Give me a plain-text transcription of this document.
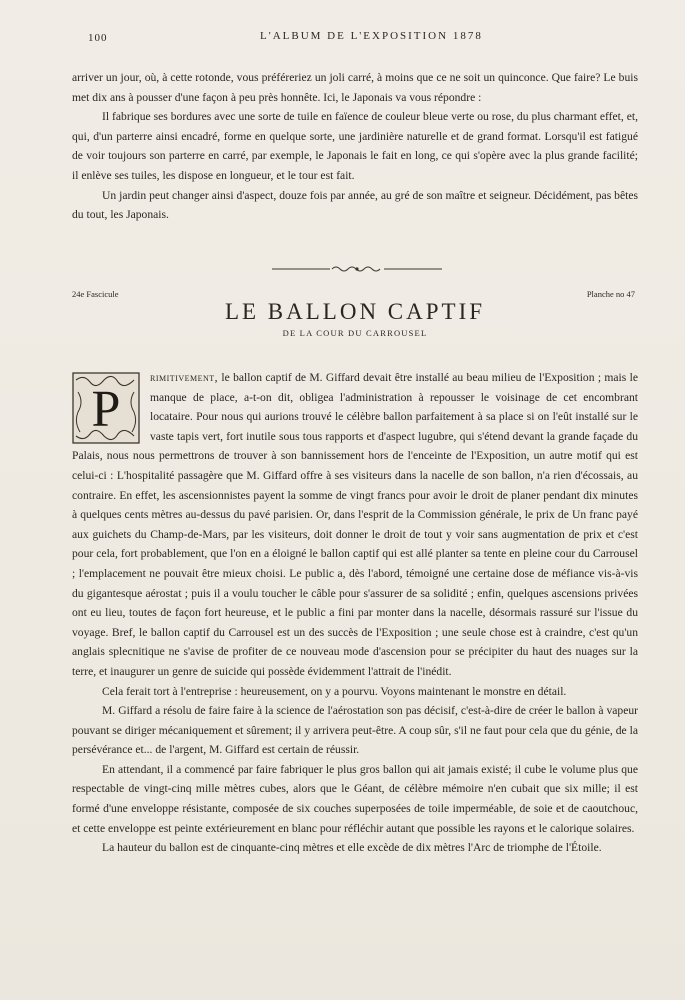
100	L'ALBUM DE L'EXPOSITION 1878

arriver un jour, où, à cette rotonde, vous préféreriez un joli carré, à moins que ce ne soit un quinconce. Que faire? Le buis met dix ans à pousser d'une façon à peu près honnête. Ici, le Japonais va vous répondre :

Il fabrique ses bordures avec une sorte de tuile en faïence de couleur bleue verte ou rose, du plus charmant effet, et, qui, d'un parterre ainsi encadré, forme en quelque sorte, une jardinière naturelle et de grand format. Lorsqu'il est fatigué de voir toujours son parterre en carré, par exemple, le Japonais le fait en long, ce qui s'opère avec la plus grande facilité; il enlève ses tuiles, les dispose en longueur, et le tour est fait.

Un jardin peut changer ainsi d'aspect, douze fois par année, au gré de son maître et seigneur. Décidément, pas bêtes du tout, les Japonais.

24e Fascicule	Planche no 47
LE BALLON CAPTIF
DE LA COUR DU CARROUSEL

P
rimitivement, le ballon captif de M. Giffard devait être installé au beau milieu de l'Exposition ; mais le manque de place, a-t-on dit, obligea l'administration à repousser le voisinage de cet encombrant locataire. Pour nous qui aurions trouvé le célèbre ballon parfaitement à sa place si on l'eût installé sur le vaste tapis vert, fort inutile sous tous rapports et d'aspect lugubre, qui s'étend devant la grande façade du Palais, nous nous permettrons de trouver à son bannissement hors de l'enceinte de l'Exposition, un autre motif qui est celui-ci : L'hospitalité passagère que M. Giffard offre à ses visiteurs dans la nacelle de son ballon, n'a rien d'écossais, au contraire. En effet, les ascensionnistes payent la somme de vingt francs pour avoir le droit de planer pendant dix minutes à quelques cents mètres au-dessus du pavé parisien. Or, dans l'esprit de la Commission générale, le prix de Un franc payé aux guichets du Champ-de-Mars, par les visiteurs, doit donner le droit de tout y voir sans augmentation de prix et c'est pour cela, fort probablement, que l'on en a éloigné le ballon captif qui est allé planter sa tente en pleine cour du Carrousel ; l'emplacement ne pouvait être mieux choisi. Le public a, dès l'abord, témoigné une certaine dose de méfiance vis-à-vis du gigantesque aérostat ; puis il a voulu toucher le câble pour s'assurer de sa solidité ; enfin, quelques ascensions privées ont eu lieu, toutes de façon fort heureuse, et le public a fini par monter dans la nacelle, désormais rassuré sur l'issue du voyage. Bref, le ballon captif du Carrousel est un des succès de l'Exposition ; une seule chose est à craindre, c'est qu'un anglais splecnitique ne s'avise de profiter de ce nouveau mode d'ascension pour se précipiter du haut des nuages sur la terre, et inaugurer un genre de suicide qui possède évidemment l'attrait de l'inédit.

Cela ferait tort à l'entreprise : heureusement, on y a pourvu. Voyons maintenant le monstre en détail.

M. Giffard a résolu de faire faire à la science de l'aérostation son pas décisif, c'est-à-dire de créer le ballon à vapeur pouvant se diriger mécaniquement et sûrement; il y arrivera peut-être. A coup sûr, s'il ne faut pour cela que du génie, de la persévérance et... de l'argent, M. Giffard est certain de réussir.

En attendant, il a commencé par faire fabriquer le plus gros ballon qui ait jamais existé; il cube le volume plus que respectable de vingt-cinq mille mètres cubes, alors que le Géant, de célèbre mémoire n'en cubait que six mille; il est formé d'une enveloppe résistante, composée de six couches superposées de toile imperméable, de soie et de caoutchouc, et cette enveloppe est peinte extérieurement en blanc pour réfléchir autant que possible les rayons et le calorique solaires.

La hauteur du ballon est de cinquante-cinq mètres et elle excède de dix mètres l'Arc de triomphe de l'Étoile.
